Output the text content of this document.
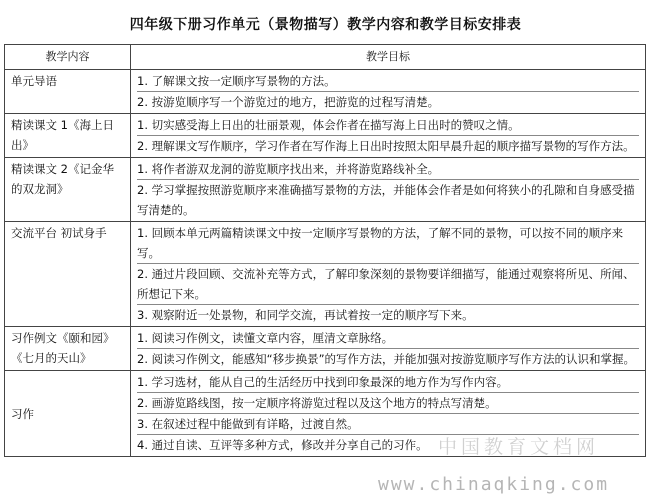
四年级下册习作单元（景物描写）教学内容和教学目标安排表
教学内容	教学目标
单元导语	1. 了解课文按一定顺序写景物的方法。
2. 按游览顺序写一个游览过的地方，把游览的过程写清楚。

精读课文 1《海上日出》	1. 切实感受海上日出的壮丽景观，体会作者在描写海上日出时的赞叹之情。
2. 理解课文写作顺序，学习作者在写作海上日出时按照太阳早晨升起的顺序描写景物的写作方法。

精读课文 2《记金华的双龙洞》	1. 将作者游双龙洞的游览顺序找出来，并将游览路线补全。
2. 学习掌握按照游览顺序来准确描写景物的方法，并能体会作者是如何将狭小的孔隙和自身感受描写清楚的。

交流平台 初试身手	1. 回顾本单元两篇精读课文中按一定顺序写景物的方法，了解不同的景物，可以按不同的顺序来写。
2. 通过片段回顾、交流补充等方式，了解印象深刻的景物要详细描写，能通过观察将所见、所闻、所想记下来。
3. 观察附近一处景物，和同学交流，再试着按一定的顺序写下来。

习作例文《颐和园》《七月的天山》	1. 阅读习作例文，读懂文章内容，厘清文章脉络。
2. 阅读习作例文，能感知“移步换景”的写作方法，并能加强对按游览顺序写作方法的认识和掌握。

习作	1. 学习选材，能从自己的生活经历中找到印象最深的地方作为写作内容。
2. 画游览路线图，按一定顺序将游览过程以及这个地方的特点写清楚。
3. 在叙述过程中能做到有详略，过渡自然。
4. 通过自读、互评等多种方式，修改并分享自己的习作。 中国教育文档网
www.chinaqking.com
